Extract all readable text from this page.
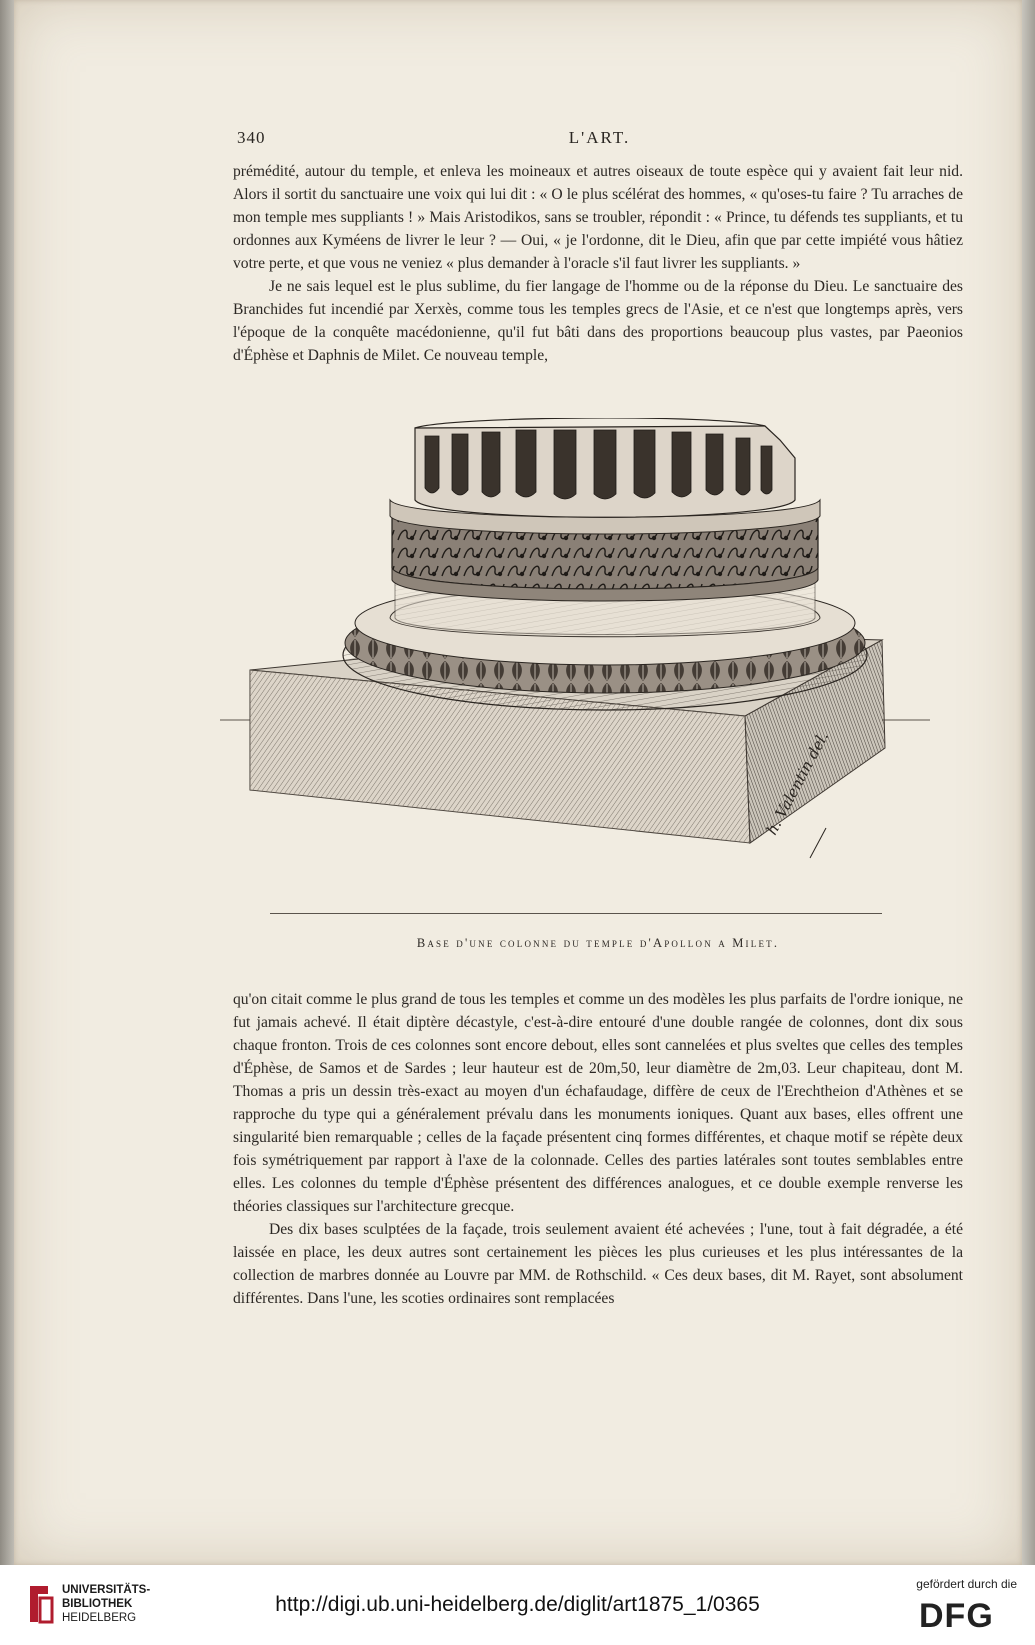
340	L'ART.

prémédité, autour du temple, et enleva les moineaux et autres oiseaux de toute espèce qui y avaient fait leur nid. Alors il sortit du sanctuaire une voix qui lui dit : « O le plus scélérat des hommes, « qu'oses-tu faire ? Tu arraches de mon temple mes suppliants ! » Mais Aristodikos, sans se troubler, répondit : « Prince, tu défends tes suppliants, et tu ordonnes aux Kyméens de livrer le leur ? — Oui, « je l'ordonne, dit le Dieu, afin que par cette impiété vous hâtiez votre perte, et que vous ne veniez « plus demander à l'oracle s'il faut livrer les suppliants. »

Je ne sais lequel est le plus sublime, du fier langage de l'homme ou de la réponse du Dieu. Le sanctuaire des Branchides fut incendié par Xerxès, comme tous les temples grecs de l'Asie, et ce n'est que longtemps après, vers l'époque de la conquête macédonienne, qu'il fut bâti dans des proportions beaucoup plus vastes, par Paeonios d'Éphèse et Daphnis de Milet. Ce nouveau temple,

h. Valentin del.
Base d'une colonne du temple d'Apollon a Milet.

qu'on citait comme le plus grand de tous les temples et comme un des modèles les plus parfaits de l'ordre ionique, ne fut jamais achevé. Il était diptère décastyle, c'est-à-dire entouré d'une double rangée de colonnes, dont dix sous chaque fronton. Trois de ces colonnes sont encore debout, elles sont cannelées et plus sveltes que celles des temples d'Éphèse, de Samos et de Sardes ; leur hauteur est de 20m,50, leur diamètre de 2m,03. Leur chapiteau, dont M. Thomas a pris un dessin très-exact au moyen d'un échafaudage, diffère de ceux de l'Erechtheion d'Athènes et se rapproche du type qui a généralement prévalu dans les monuments ioniques. Quant aux bases, elles offrent une singularité bien remarquable ; celles de la façade présentent cinq formes différentes, et chaque motif se répète deux fois symétriquement par rapport à l'axe de la colonnade. Celles des parties latérales sont toutes semblables entre elles. Les colonnes du temple d'Éphèse présentent des différences analogues, et ce double exemple renverse les théories classiques sur l'architecture grecque.

Des dix bases sculptées de la façade, trois seulement avaient été achevées ; l'une, tout à fait dégradée, a été laissée en place, les deux autres sont certainement les pièces les plus curieuses et les plus intéressantes de la collection de marbres donnée au Louvre par MM. de Rothschild. « Ces deux bases, dit M. Rayet, sont absolument différentes. Dans l'une, les scoties ordinaires sont remplacées

UNIVERSITÄTS-
BIBLIOTHEK
HEIDELBERG
http://digi.ub.uni-heidelberg.de/diglit/art1875_1/0365
gefördert durch die
DFG
